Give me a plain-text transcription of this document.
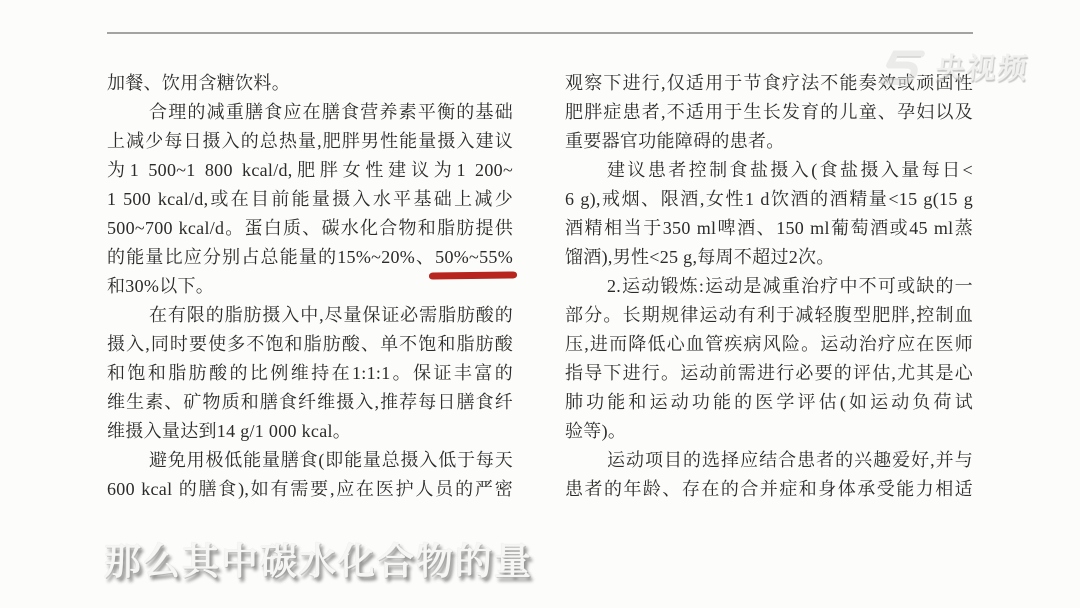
加餐、饮用含糖饮料。
合理的减重膳食应在膳食营养素平衡的基础
上减少每日摄入的总热量,肥胖男性能量摄入建议
为1 500~1 800 kcal/d,肥胖女性建议为1 200~
1 500 kcal/d,或在目前能量摄入水平基础上减少
500~700 kcal/d。蛋白质、碳水化合物和脂肪提供
的能量比应分别占总能量的15%~20%、50%~55%
和30%以下。
在有限的脂肪摄入中,尽量保证必需脂肪酸的
摄入,同时要使多不饱和脂肪酸、单不饱和脂肪酸
和饱和脂肪酸的比例维持在1:1:1。保证丰富的
维生素、矿物质和膳食纤维摄入,推荐每日膳食纤
维摄入量达到14 g/1 000 kcal。
避免用极低能量膳食(即能量总摄入低于每天
600 kcal 的膳食),如有需要,应在医护人员的严密
观察下进行,仅适用于节食疗法不能奏效或顽固性
肥胖症患者,不适用于生长发育的儿童、孕妇以及
重要器官功能障碍的患者。
建议患者控制食盐摄入(食盐摄入量每日<
6 g),戒烟、限酒,女性1 d饮酒的酒精量<15 g(15 g
酒精相当于350 ml啤酒、150 ml葡萄酒或45 ml蒸
馏酒),男性<25 g,每周不超过2次。
2.运动锻炼:运动是减重治疗中不可或缺的一
部分。长期规律运动有利于减轻腹型肥胖,控制血
压,进而降低心血管疾病风险。运动治疗应在医师
指导下进行。运动前需进行必要的评估,尤其是心
肺功能和运动功能的医学评估(如运动负荷试
验等)。
运动项目的选择应结合患者的兴趣爱好,并与
患者的年龄、存在的合并症和身体承受能力相适
央视频
那么其中碳水化合物的量
